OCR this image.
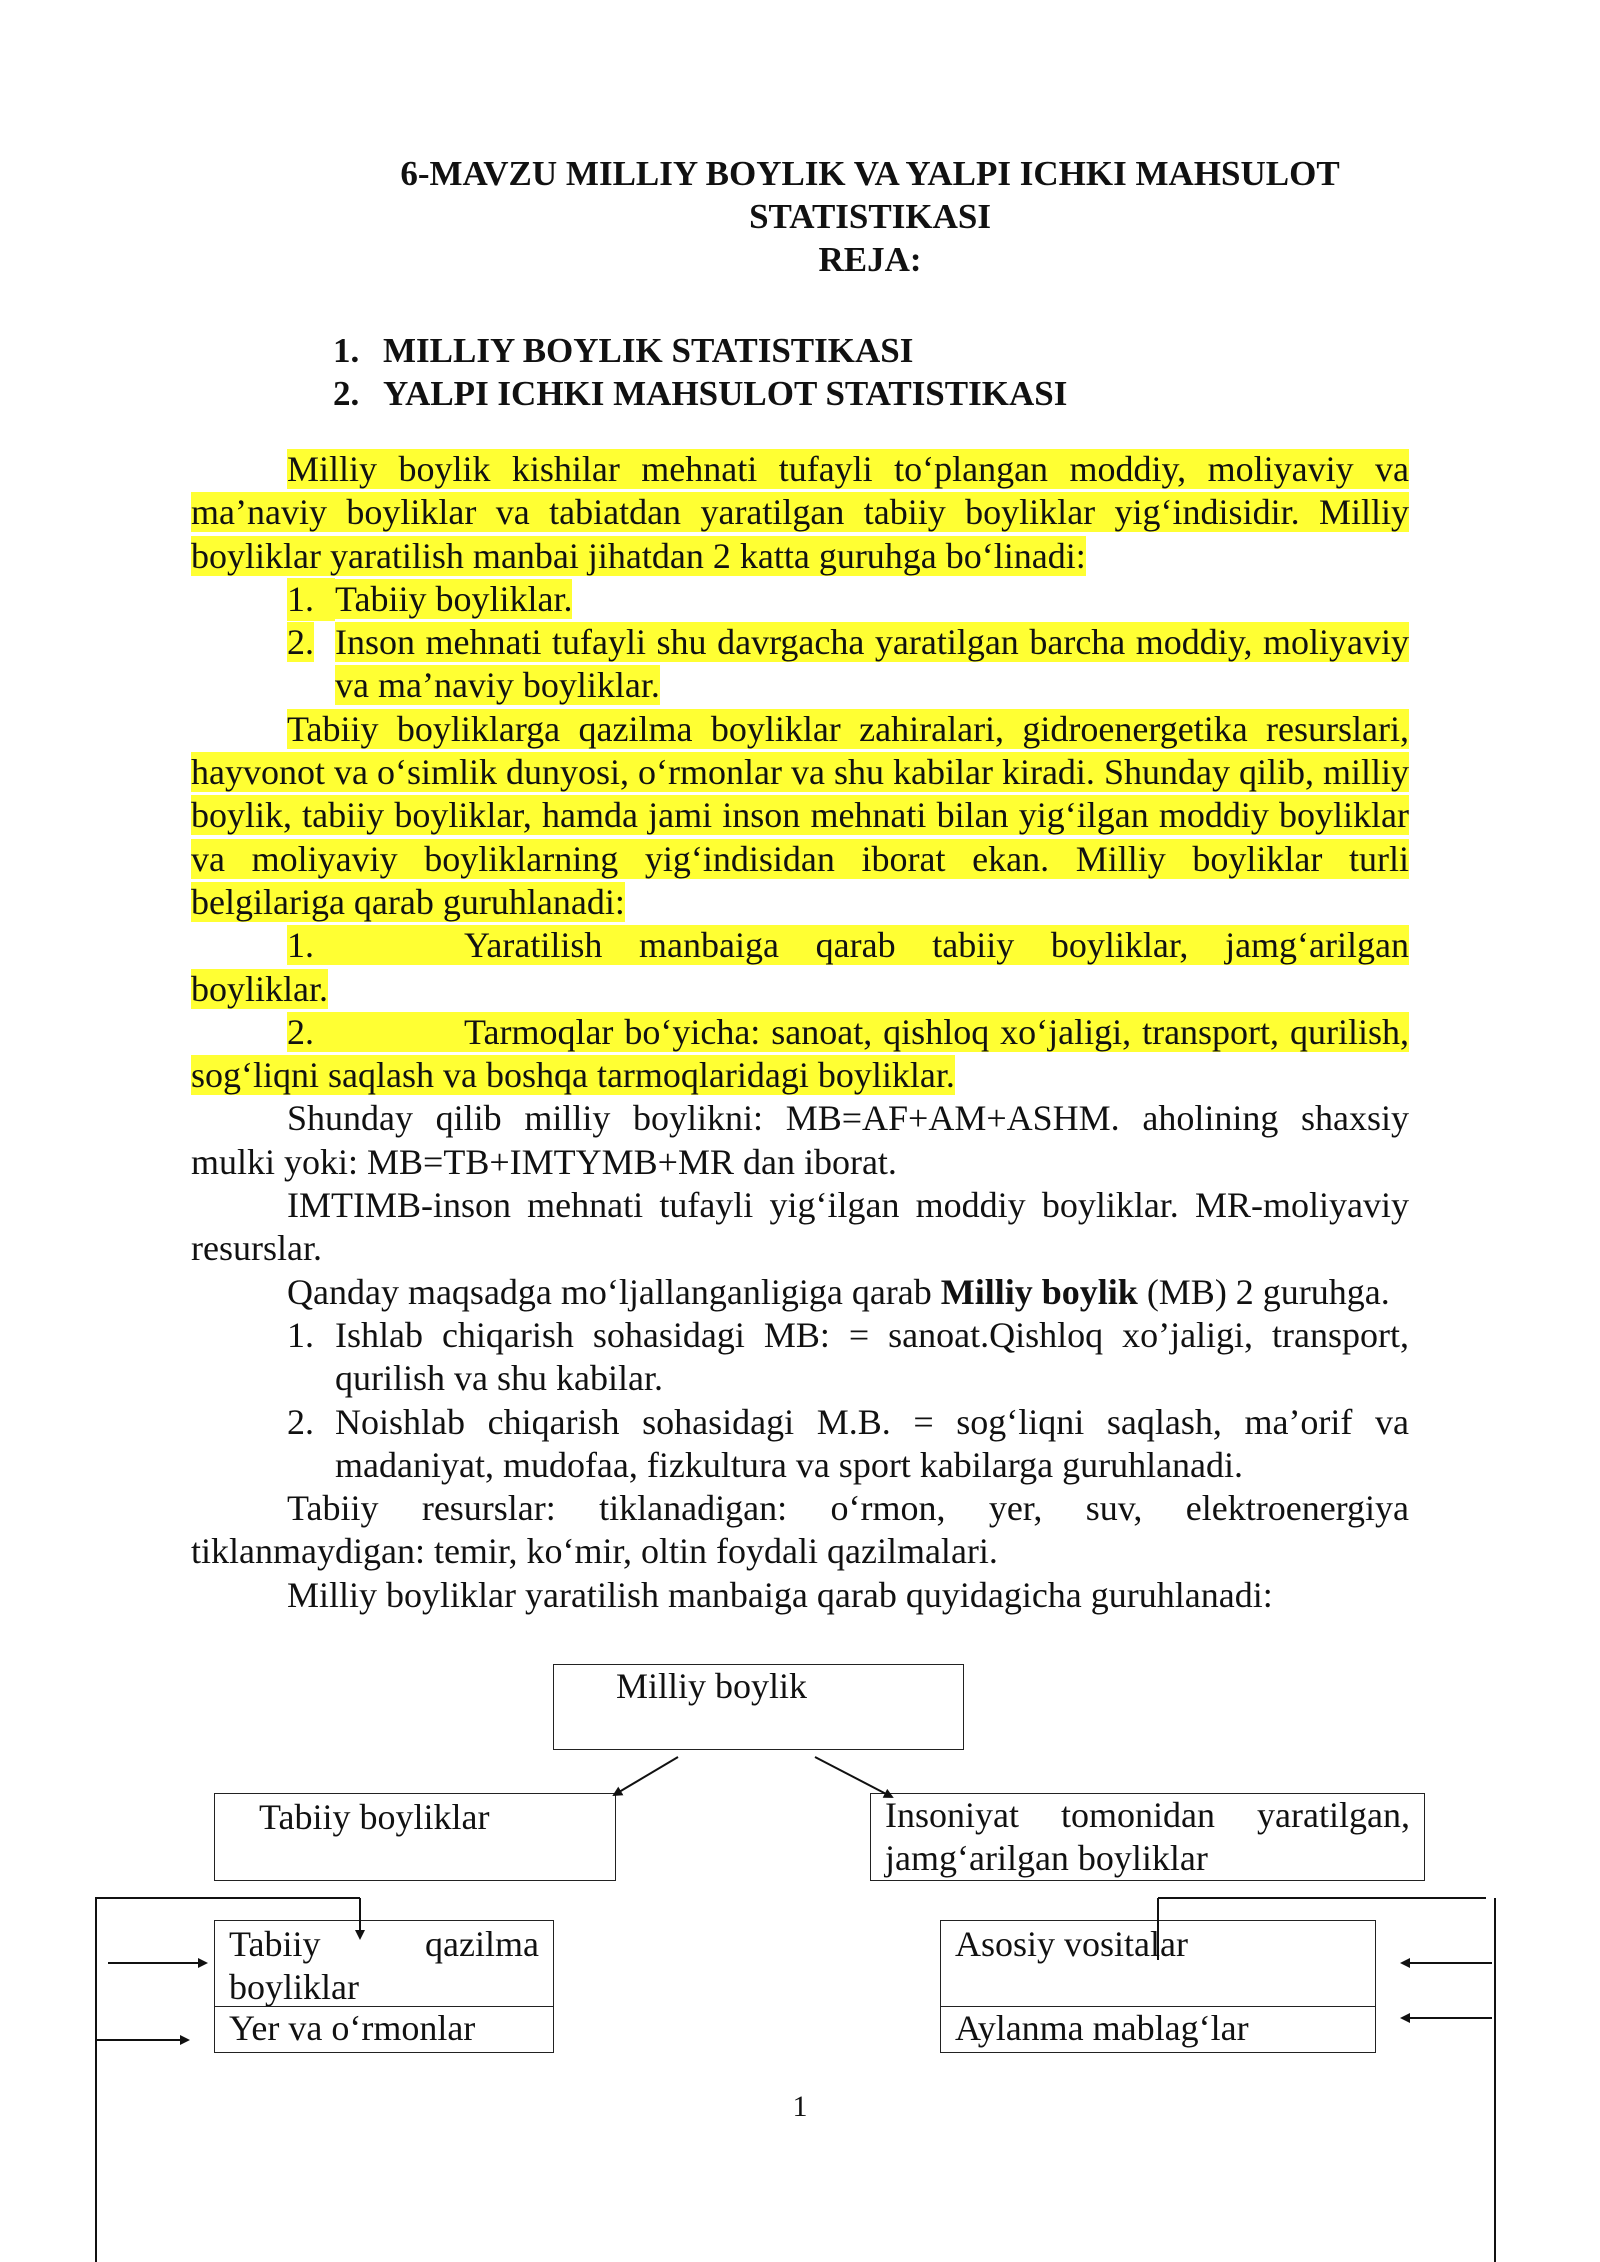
6-MAVZU MILLIY BOYLIK VA YALPI ICHKI MAHSULOT
STATISTIKASI
REJA:
1. MILLIY BOYLIK STATISTIKASI
2. YALPI ICHKI MAHSULOT STATISTIKASI

Milliy boylik kishilar mehnati tufayli to‘plangan moddiy, moliyaviy va ma’naviy boyliklar va tabiatdan yaratilgan tabiiy boyliklar yig‘indisidir. Milliy boyliklar yaratilish manbai jihatdan 2 katta guruhga bo‘linadi:

1. Tabiiy boyliklar.
2. Inson mehnati tufayli shu davrgacha yaratilgan barcha moddiy, moliyaviy va ma’naviy boyliklar.

Tabiiy boyliklarga qazilma boyliklar zahiralari, gidroenergetika resurslari, hayvonot va o‘simlik dunyosi, o‘rmonlar va shu kabilar kiradi. Shunday qilib, milliy boylik, tabiiy boyliklar, hamda jami inson mehnati bilan yig‘ilgan moddiy boyliklar va moliyaviy boyliklarning yig‘indisidan iborat ekan. Milliy boyliklar turli belgilariga qarab guruhlanadi:

1.	Yaratilish manbaiga qarab tabiiy boyliklar, jamg‘arilgan boyliklar.

2.	Tarmoqlar bo‘yicha: sanoat, qishloq xo‘jaligi, transport, qurilish, sog‘liqni saqlash va boshqa tarmoqlaridagi boyliklar.

Shunday qilib milliy boylikni: MB=AF+AM+ASHM. aholining shaxsiy mulki yoki: MB=TB+IMTYMB+MR dan iborat.

IMTIMB-inson mehnati tufayli yig‘ilgan moddiy boyliklar. MR-moliyaviy resurslar.

Qanday maqsadga mo‘ljallanganligiga qarab Milliy boylik (MB) 2 guruhga.

1. Ishlab chiqarish sohasidagi MB: = sanoat.Qishloq xo’jaligi, transport, qurilish va shu kabilar.
2. Noishlab chiqarish sohasidagi M.B. = sog‘liqni saqlash, ma’orif va madaniyat, mudofaa, fizkultura va sport kabilarga guruhlanadi.

Tabiiy resurslar: tiklanadigan: o‘rmon, yer, suv, elektroenergiya tiklanmaydigan: temir, ko‘mir, oltin foydali qazilmalari.

Milliy boyliklar yaratilish manbaiga qarab quyidagicha guruhlanadi:

Milliy boylik
Tabiiy boyliklar	Insoniyat tomonidan yaratilgan, jamg‘arilgan boyliklar
Tabiiy qazilma boyliklar
Yer va o‘rmonlar
Asosiy vositalar
Aylanma mablag‘lar
1
